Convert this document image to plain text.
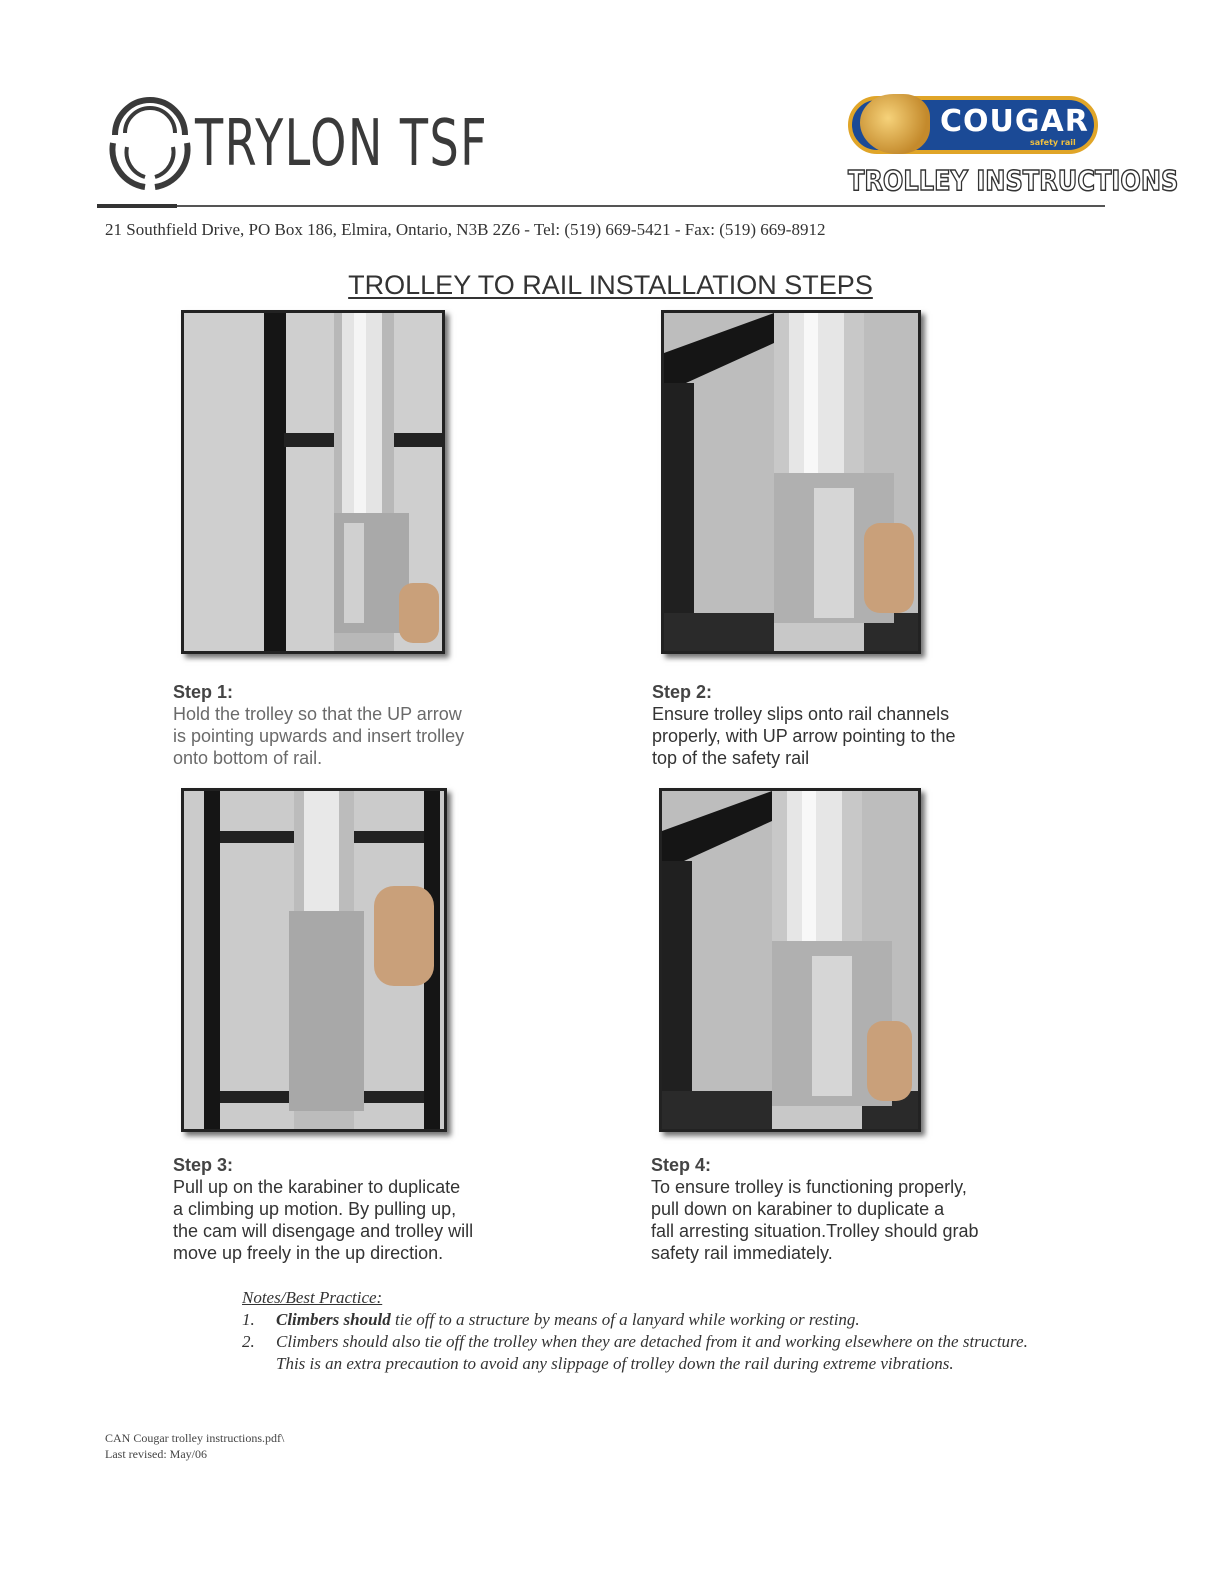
TRYLON TSF	COUGAR
safety rail
TROLLEY INSTRUCTIONS
21 Southfield Drive, PO Box 186, Elmira, Ontario, N3B 2Z6 - Tel: (519) 669-5421 - Fax: (519) 669-8912
TROLLEY TO RAIL INSTALLATION STEPS
Step 1:
Hold the trolley so that the UP arrow
is pointing upwards and insert trolley
onto bottom of rail.
Step 2:
Ensure trolley slips onto rail channels
properly, with UP arrow pointing to the
top of the safety rail
Step 3:
Pull up on the karabiner to duplicate
a climbing up motion. By pulling up,
the cam will disengage and trolley will
move up freely in the up direction.
Step 4:
To ensure trolley is functioning properly,
pull down on karabiner to duplicate a
fall arresting situation.Trolley should grab
safety rail immediately.
Notes/Best Practice:
1. Climbers should tie off to a structure by means of a lanyard while working or resting.
2. Climbers should also tie off the trolley when they are detached from it and working elsewhere on the structure. This is an extra precaution to avoid any slippage of trolley down the rail during extreme vibrations.
CAN Cougar trolley instructions.pdf\
Last revised: May/06
